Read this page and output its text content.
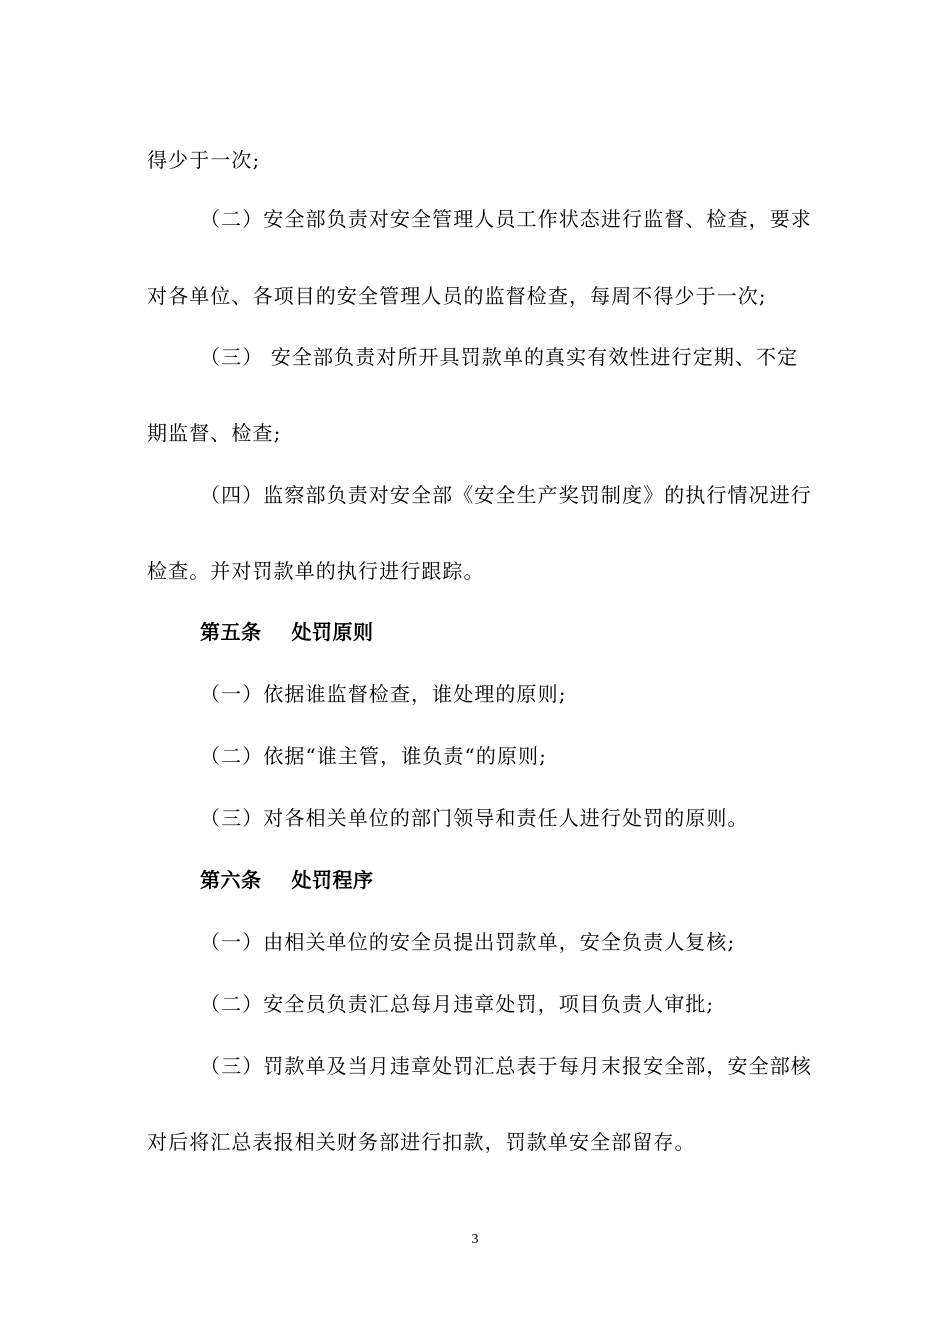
得少于一次;
（二）安全部负责对安全管理人员工作状态进行监督、检查，要求
对各单位、各项目的安全管理人员的监督检查，每周不得少于一次;
（三） 安全部负责对所开具罚款单的真实有效性进行定期、不定
期监督、检查;
（四）监察部负责对安全部《安全生产奖罚制度》的执行情况进行
检查。并对罚款单的执行进行跟踪。
第五条 处罚原则
（一）依据谁监督检查，谁处理的原则;
（二）依据“谁主管，谁负责“的原则;
（三）对各相关单位的部门领导和责任人进行处罚的原则。
第六条 处罚程序
（一）由相关单位的安全员提出罚款单，安全负责人复核;
（二）安全员负责汇总每月违章处罚，项目负责人审批;
（三）罚款单及当月违章处罚汇总表于每月末报安全部，安全部核
对后将汇总表报相关财务部进行扣款，罚款单安全部留存。
3
